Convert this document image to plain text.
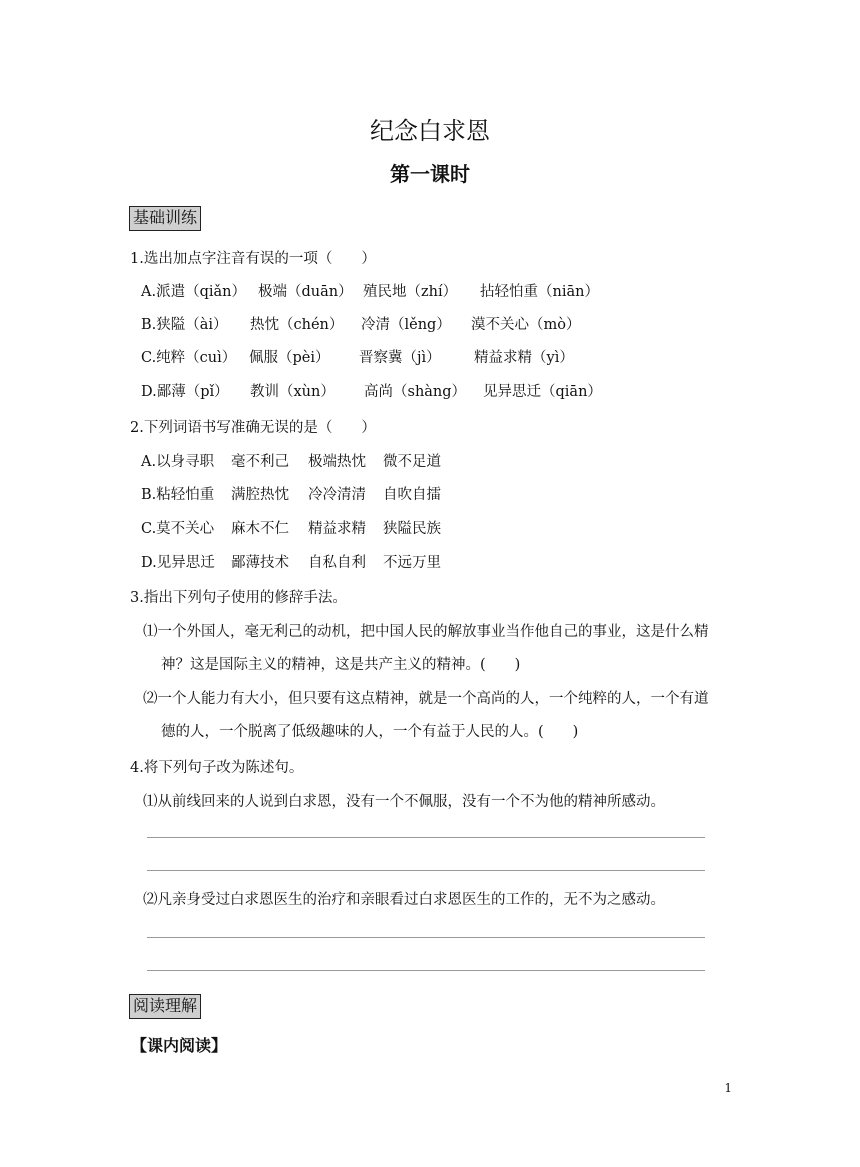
纪念白求恩
第一课时
基础训练
1.选出加点字注音有误的一项（　　）
A.派遣（qiǎn） 极端（duān） 殖民地（zhí） 拈轻怕重（niān）
B.狭隘（ài） 热忱（chén） 冷清（lěng） 漠不关心（mò）
C.纯粹（cuì） 佩服（pèi） 晋察冀（jì） 精益求精（yì）
D.鄙薄（pǐ） 教训（xùn） 高尚（shàng） 见异思迁（qiān）
2.下列词语书写准确无误的是（　　）
A.以身寻职 毫不利己 极端热忱 微不足道
B.粘轻怕重 满腔热忱 冷冷清清 自吹自擂
C.莫不关心 麻木不仁 精益求精 狭隘民族
D.见异思迁 鄙薄技术 自私自利 不远万里
3.指出下列句子使用的修辞手法。
⑴一个外国人，毫无利己的动机，把中国人民的解放事业当作他自己的事业，这是什么精
神？这是国际主义的精神，这是共产主义的精神。(　　)
⑵一个人能力有大小，但只要有这点精神，就是一个高尚的人，一个纯粹的人，一个有道
德的人，一个脱离了低级趣味的人，一个有益于人民的人。(　　)
4.将下列句子改为陈述句。
⑴从前线回来的人说到白求恩，没有一个不佩服，没有一个不为他的精神所感动。
⑵凡亲身受过白求恩医生的治疗和亲眼看过白求恩医生的工作的，无不为之感动。
阅读理解
【课内阅读】
1
